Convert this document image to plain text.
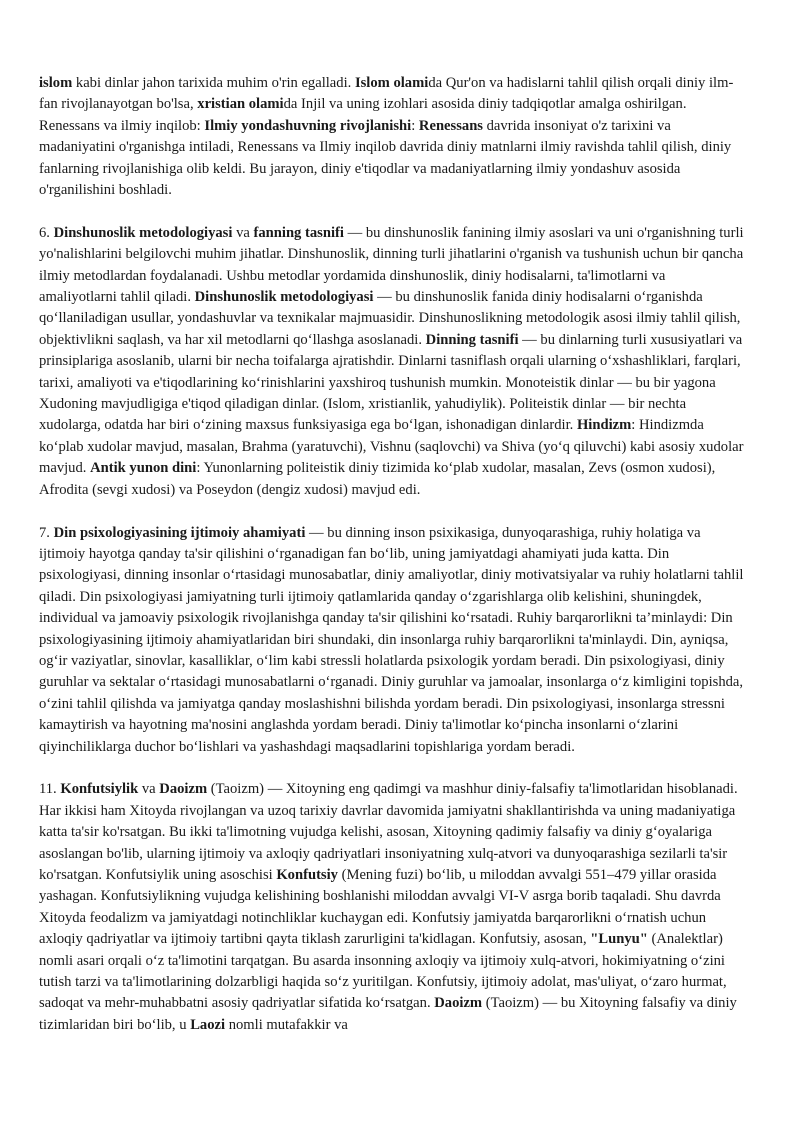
islom kabi dinlar jahon tarixida muhim o'rin egalladi. Islom olamida Qur'on va hadislarni tahlil qilish orqali diniy ilm-fan rivojlanayotgan bo'lsa, xristian olamida Injil va uning izohlari asosida diniy tadqiqotlar amalga oshirilgan. Renessans va ilmiy inqilob: Ilmiy yondashuvning rivojlanishi: Renessans davrida insoniyat o'z tarixini va madaniyatini o'rganishga intiladi, Renessans va Ilmiy inqilob davrida diniy matnlarni ilmiy ravishda tahlil qilish, diniy fanlarning rivojlanishiga olib keldi. Bu jarayon, diniy e'tiqodlar va madaniyatlarning ilmiy yondashuv asosida o'rganilishini boshladi.

6. Dinshunoslik metodologiyasi va fanning tasnifi — bu dinshunoslik fanining ilmiy asoslari va uni o'rganishning turli yo'nalishlarini belgilovchi muhim jihatlar. Dinshunoslik, dinning turli jihatlarini o'rganish va tushunish uchun bir qancha ilmiy metodlardan foydalanadi. Ushbu metodlar yordamida dinshunoslik, diniy hodisalarni, ta'limotlarni va amaliyotlarni tahlil qiladi. Dinshunoslik metodologiyasi — bu dinshunoslik fanida diniy hodisalarni o‘rganishda qo‘llaniladigan usullar, yondashuvlar va texnikalar majmuasidir. Dinshunoslikning metodologik asosi ilmiy tahlil qilish, objektivlikni saqlash, va har xil metodlarni qo‘llashga asoslanadi. Dinning tasnifi — bu dinlarning turli xususiyatlari va prinsiplariga asoslanib, ularni bir necha toifalarga ajratishdir. Dinlarni tasniflash orqali ularning o‘xshashliklari, farqlari, tarixi, amaliyoti va e'tiqodlarining ko‘rinishlarini yaxshiroq tushunish mumkin. Monoteistik dinlar — bu bir yagona Xudoning mavjudligiga e'tiqod qiladigan dinlar. (Islom, xristianlik, yahudiylik). Politeistik dinlar — bir nechta xudolarga, odatda har biri o‘zining maxsus funksiyasiga ega bo‘lgan, ishonadigan dinlardir. Hindizm: Hindizmda ko‘plab xudolar mavjud, masalan, Brahma (yaratuvchi), Vishnu (saqlovchi) va Shiva (yo‘q qiluvchi) kabi asosiy xudolar mavjud. Antik yunon dini: Yunonlarning politeistik diniy tizimida ko‘plab xudolar, masalan, Zevs (osmon xudosi), Afrodita (sevgi xudosi) va Poseydon (dengiz xudosi) mavjud edi.

7. Din psixologiyasining ijtimoiy ahamiyati — bu dinning inson psixikasiga, dunyoqarashiga, ruhiy holatiga va ijtimoiy hayotga qanday ta'sir qilishini o‘rganadigan fan bo‘lib, uning jamiyatdagi ahamiyati juda katta. Din psixologiyasi, dinning insonlar o‘rtasidagi munosabatlar, diniy amaliyotlar, diniy motivatsiyalar va ruhiy holatlarni tahlil qiladi. Din psixologiyasi jamiyatning turli ijtimoiy qatlamlarida qanday o‘zgarishlarga olib kelishini, shuningdek, individual va jamoaviy psixologik rivojlanishga qanday ta'sir qilishini ko‘rsatadi. Ruhiy barqarorlikni ta’minlaydi: Din psixologiyasining ijtimoiy ahamiyatlaridan biri shundaki, din insonlarga ruhiy barqarorlikni ta'minlaydi. Din, ayniqsa, og‘ir vaziyatlar, sinovlar, kasalliklar, o‘lim kabi stressli holatlarda psixologik yordam beradi. Din psixologiyasi, diniy guruhlar va sektalar o‘rtasidagi munosabatlarni o‘rganadi. Diniy guruhlar va jamoalar, insonlarga o‘z kimligini topishda, o‘zini tahlil qilishda va jamiyatga qanday moslashishni bilishda yordam beradi. Din psixologiyasi, insonlarga stressni kamaytirish va hayotning ma'nosini anglashda yordam beradi. Diniy ta'limotlar ko‘pincha insonlarni o‘zlarini qiyinchiliklarga duchor bo‘lishlari va yashashdagi maqsadlarini topishlariga yordam beradi.

11. Konfutsiylik va Daoizm (Taoizm) — Xitoyning eng qadimgi va mashhur diniy-falsafiy ta'limotlaridan hisoblanadi. Har ikkisi ham Xitoyda rivojlangan va uzoq tarixiy davrlar davomida jamiyatni shakllantirishda va uning madaniyatiga katta ta'sir ko'rsatgan. Bu ikki ta'limotning vujudga kelishi, asosan, Xitoyning qadimiy falsafiy va diniy g‘oyalariga asoslangan bo'lib, ularning ijtimoiy va axloqiy qadriyatlari insoniyatning xulq-atvori va dunyoqarashiga sezilarli ta'sir ko'rsatgan. Konfutsiylik uning asoschisi Konfutsiy (Mening fuzi) bo‘lib, u miloddan avvalgi 551–479 yillar orasida yashagan. Konfutsiylikning vujudga kelishining boshlanishi miloddan avvalgi VI-V asrga borib taqaladi. Shu davrda Xitoyda feodalizm va jamiyatdagi notinchliklar kuchaygan edi. Konfutsiy jamiyatda barqarorlikni o‘rnatish uchun axloqiy qadriyatlar va ijtimoiy tartibni qayta tiklash zarurligini ta'kidlagan. Konfutsiy, asosan, "Lunyu" (Analektlar) nomli asari orqali o‘z ta'limotini tarqatgan. Bu asarda insonning axloqiy va ijtimoiy xulq-atvori, hokimiyatning o‘zini tutish tarzi va ta'limotlarining dolzarbligi haqida so‘z yuritilgan. Konfutsiy, ijtimoiy adolat, mas'uliyat, o‘zaro hurmat, sadoqat va mehr-muhabbatni asosiy qadriyatlar sifatida ko‘rsatgan. Daoizm (Taoizm) — bu Xitoyning falsafiy va diniy tizimlaridan biri bo‘lib, u Laozi nomli mutafakkir va
